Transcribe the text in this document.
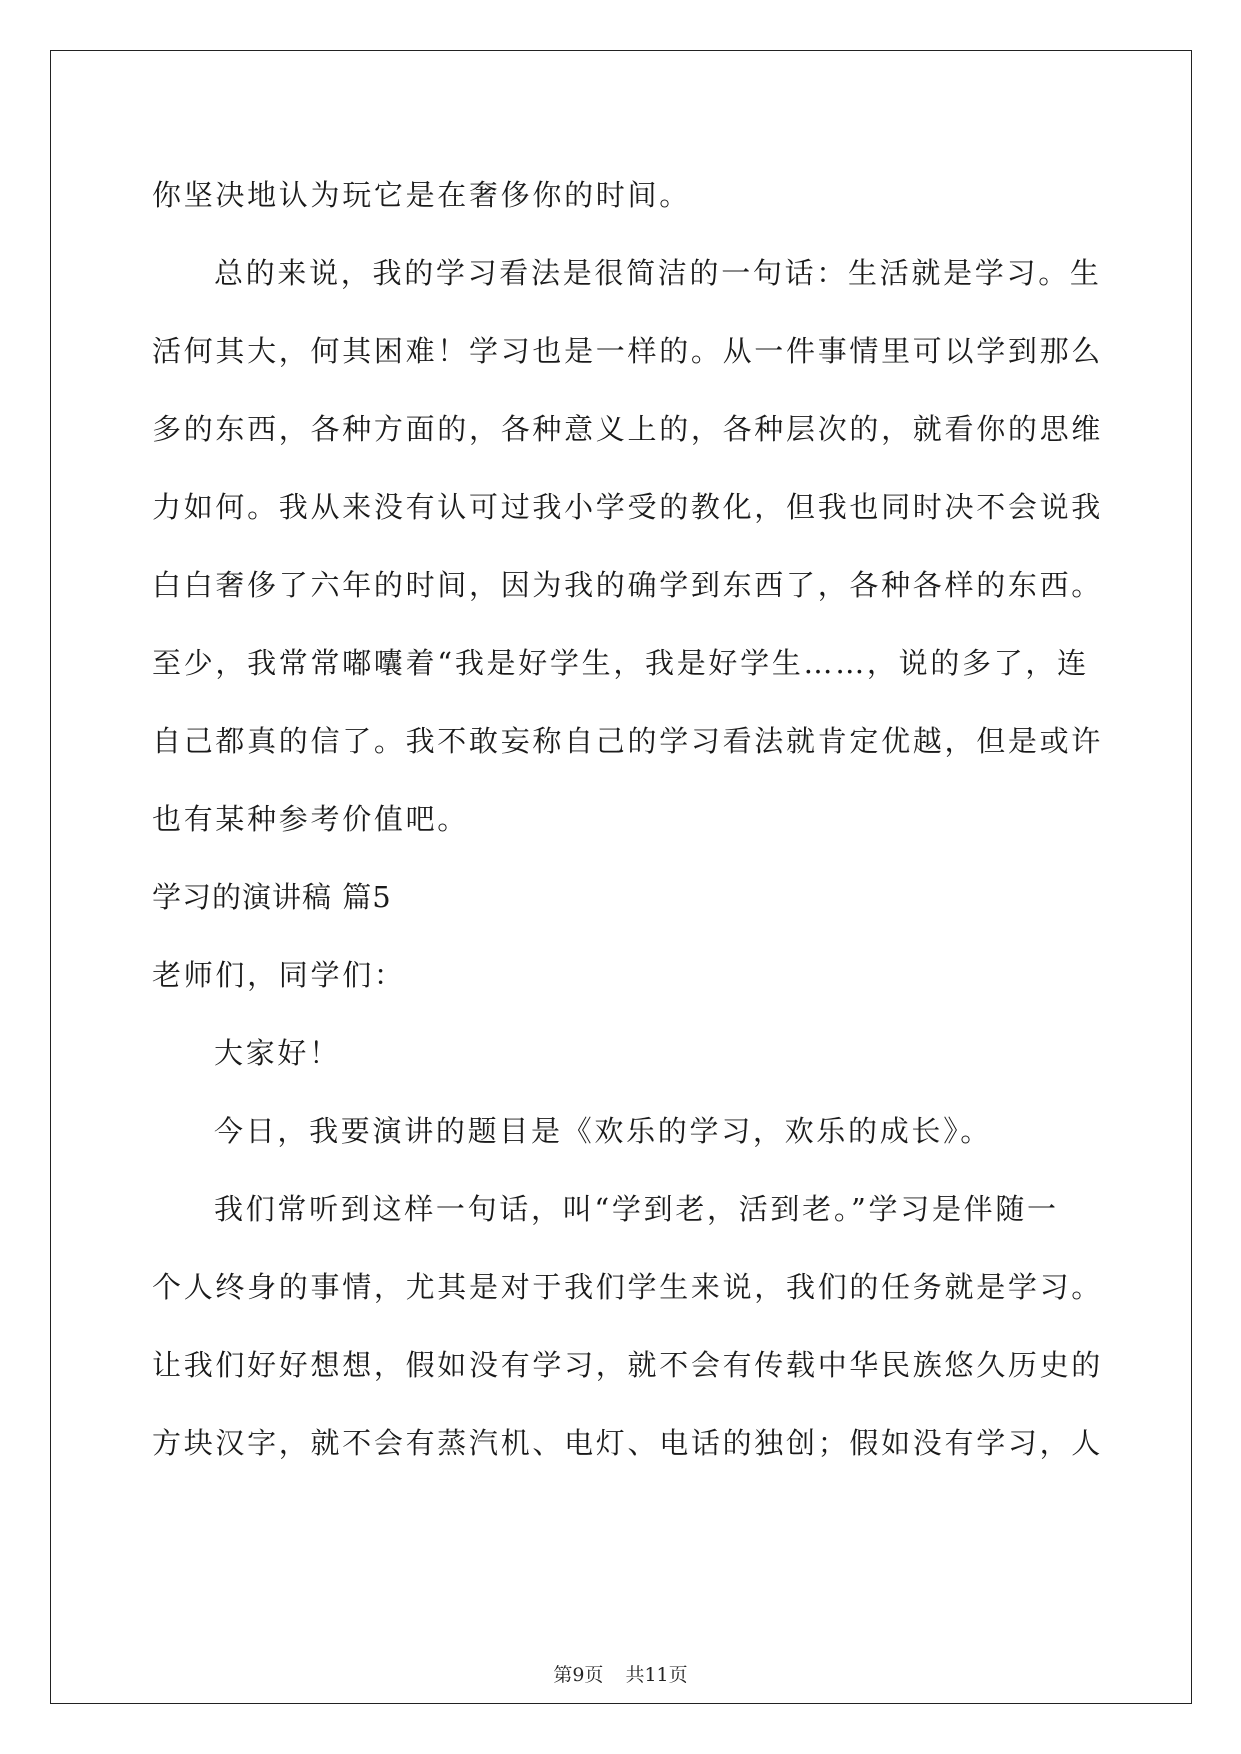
你坚决地认为玩它是在奢侈你的时间。
总的来说，我的学习看法是很简洁的一句话：生活就是学习。生
活何其大，何其困难！学习也是一样的。从一件事情里可以学到那么
多的东西，各种方面的，各种意义上的，各种层次的，就看你的思维
力如何。我从来没有认可过我小学受的教化，但我也同时决不会说我
白白奢侈了六年的时间，因为我的确学到东西了，各种各样的东西。
至少，我常常嘟囔着“我是好学生，我是好学生……，说的多了，连
自己都真的信了。我不敢妄称自己的学习看法就肯定优越，但是或许
也有某种参考价值吧。
学习的演讲稿 篇5
老师们，同学们：
大家好！
今日，我要演讲的题目是《欢乐的学习，欢乐的成长》。
我们常听到这样一句话，叫“学到老，活到老。”学习是伴随一
个人终身的事情，尤其是对于我们学生来说，我们的任务就是学习。
让我们好好想想，假如没有学习，就不会有传载中华民族悠久历史的
方块汉字，就不会有蒸汽机、电灯、电话的独创；假如没有学习，人
第9页 共11页
